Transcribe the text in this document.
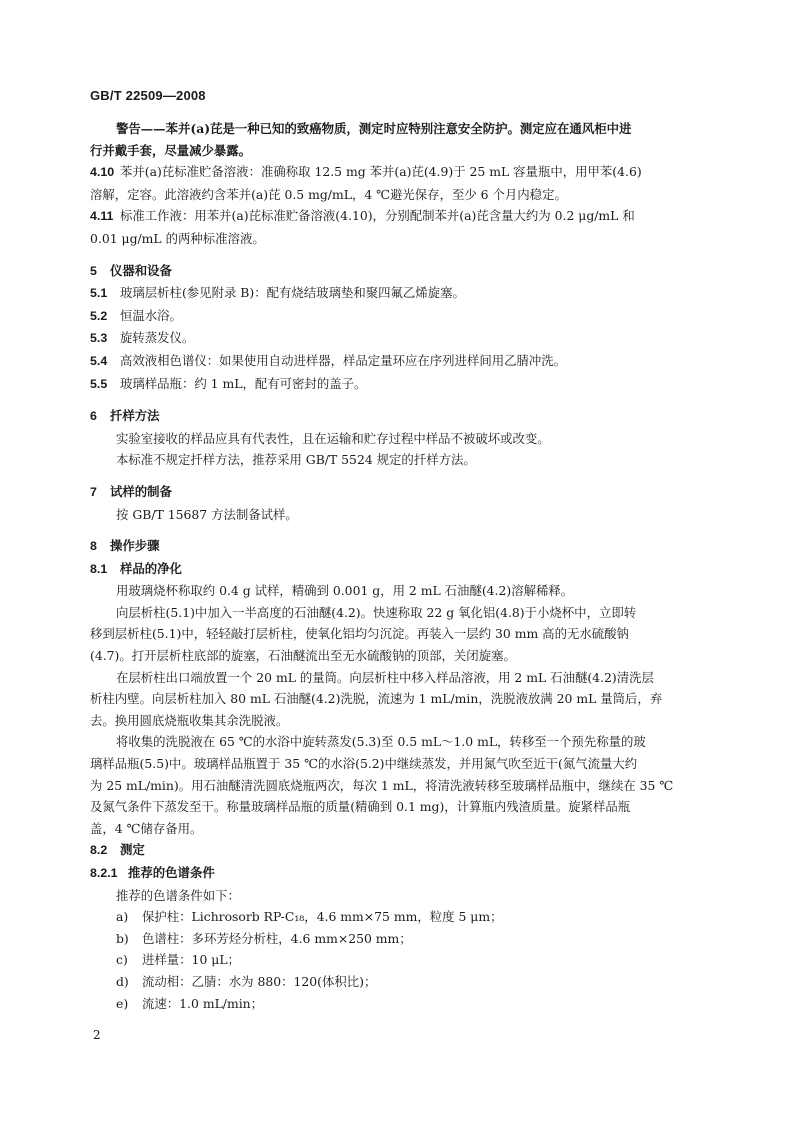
GB/T 22509—2008

警告——苯并(a)芘是一种已知的致癌物质，测定时应特别注意安全防护。测定应在通风柜中进

行并戴手套，尽量减少暴露。

4.10 苯并(a)芘标准贮备溶液：准确称取 12.5 mg 苯并(a)芘(4.9)于 25 mL 容量瓶中，用甲苯(4.6)

溶解，定容。此溶液约含苯并(a)芘 0.5 mg/mL，4 ℃避光保存，至少 6 个月内稳定。

4.11 标准工作液：用苯并(a)芘标准贮备溶液(4.10)，分别配制苯并(a)芘含量大约为 0.2 μg/mL 和

0.01 μg/mL 的两种标准溶液。

5 仪器和设备

5.1 玻璃层析柱(参见附录 B)：配有烧结玻璃垫和聚四氟乙烯旋塞。

5.2 恒温水浴。

5.3 旋转蒸发仪。

5.4 高效液相色谱仪：如果使用自动进样器，样品定量环应在序列进样间用乙腈冲洗。

5.5 玻璃样品瓶：约 1 mL，配有可密封的盖子。

6 扦样方法

实验室接收的样品应具有代表性，且在运输和贮存过程中样品不被破坏或改变。

本标准不规定扦样方法，推荐采用 GB/T 5524 规定的扦样方法。

7 试样的制备

按 GB/T 15687 方法制备试样。

8 操作步骤

8.1 样品的净化

用玻璃烧杯称取约 0.4 g 试样，精确到 0.001 g，用 2 mL 石油醚(4.2)溶解稀释。

向层析柱(5.1)中加入一半高度的石油醚(4.2)。快速称取 22 g 氧化铝(4.8)于小烧杯中，立即转

移到层析柱(5.1)中，轻轻敲打层析柱，使氧化铝均匀沉淀。再装入一层约 30 mm 高的无水硫酸钠

(4.7)。打开层析柱底部的旋塞，石油醚流出至无水硫酸钠的顶部，关闭旋塞。

在层析柱出口端放置一个 20 mL 的量筒。向层析柱中移入样品溶液，用 2 mL 石油醚(4.2)清洗层

析柱内壁。向层析柱加入 80 mL 石油醚(4.2)洗脱，流速为 1 mL/min，洗脱液放满 20 mL 量筒后，弃

去。换用圆底烧瓶收集其余洗脱液。

将收集的洗脱液在 65 ℃的水浴中旋转蒸发(5.3)至 0.5 mL～1.0 mL，转移至一个预先称量的玻

璃样品瓶(5.5)中。玻璃样品瓶置于 35 ℃的水浴(5.2)中继续蒸发，并用氮气吹至近干(氮气流量大约

为 25 mL/min)。用石油醚清洗圆底烧瓶两次，每次 1 mL，将清洗液转移至玻璃样品瓶中，继续在 35 ℃

及氮气条件下蒸发至干。称量玻璃样品瓶的质量(精确到 0.1 mg)，计算瓶内残渣质量。旋紧样品瓶

盖，4 ℃储存备用。

8.2 测定

8.2.1 推荐的色谱条件

推荐的色谱条件如下：

a) 保护柱：Lichrosorb RP-C₁₈，4.6 mm×75 mm，粒度 5 μm；

b) 色谱柱：多环芳烃分析柱，4.6 mm×250 mm；

c) 进样量：10 μL；

d) 流动相：乙腈：水为 880：120(体积比)；

e) 流速：1.0 mL/min；

2
